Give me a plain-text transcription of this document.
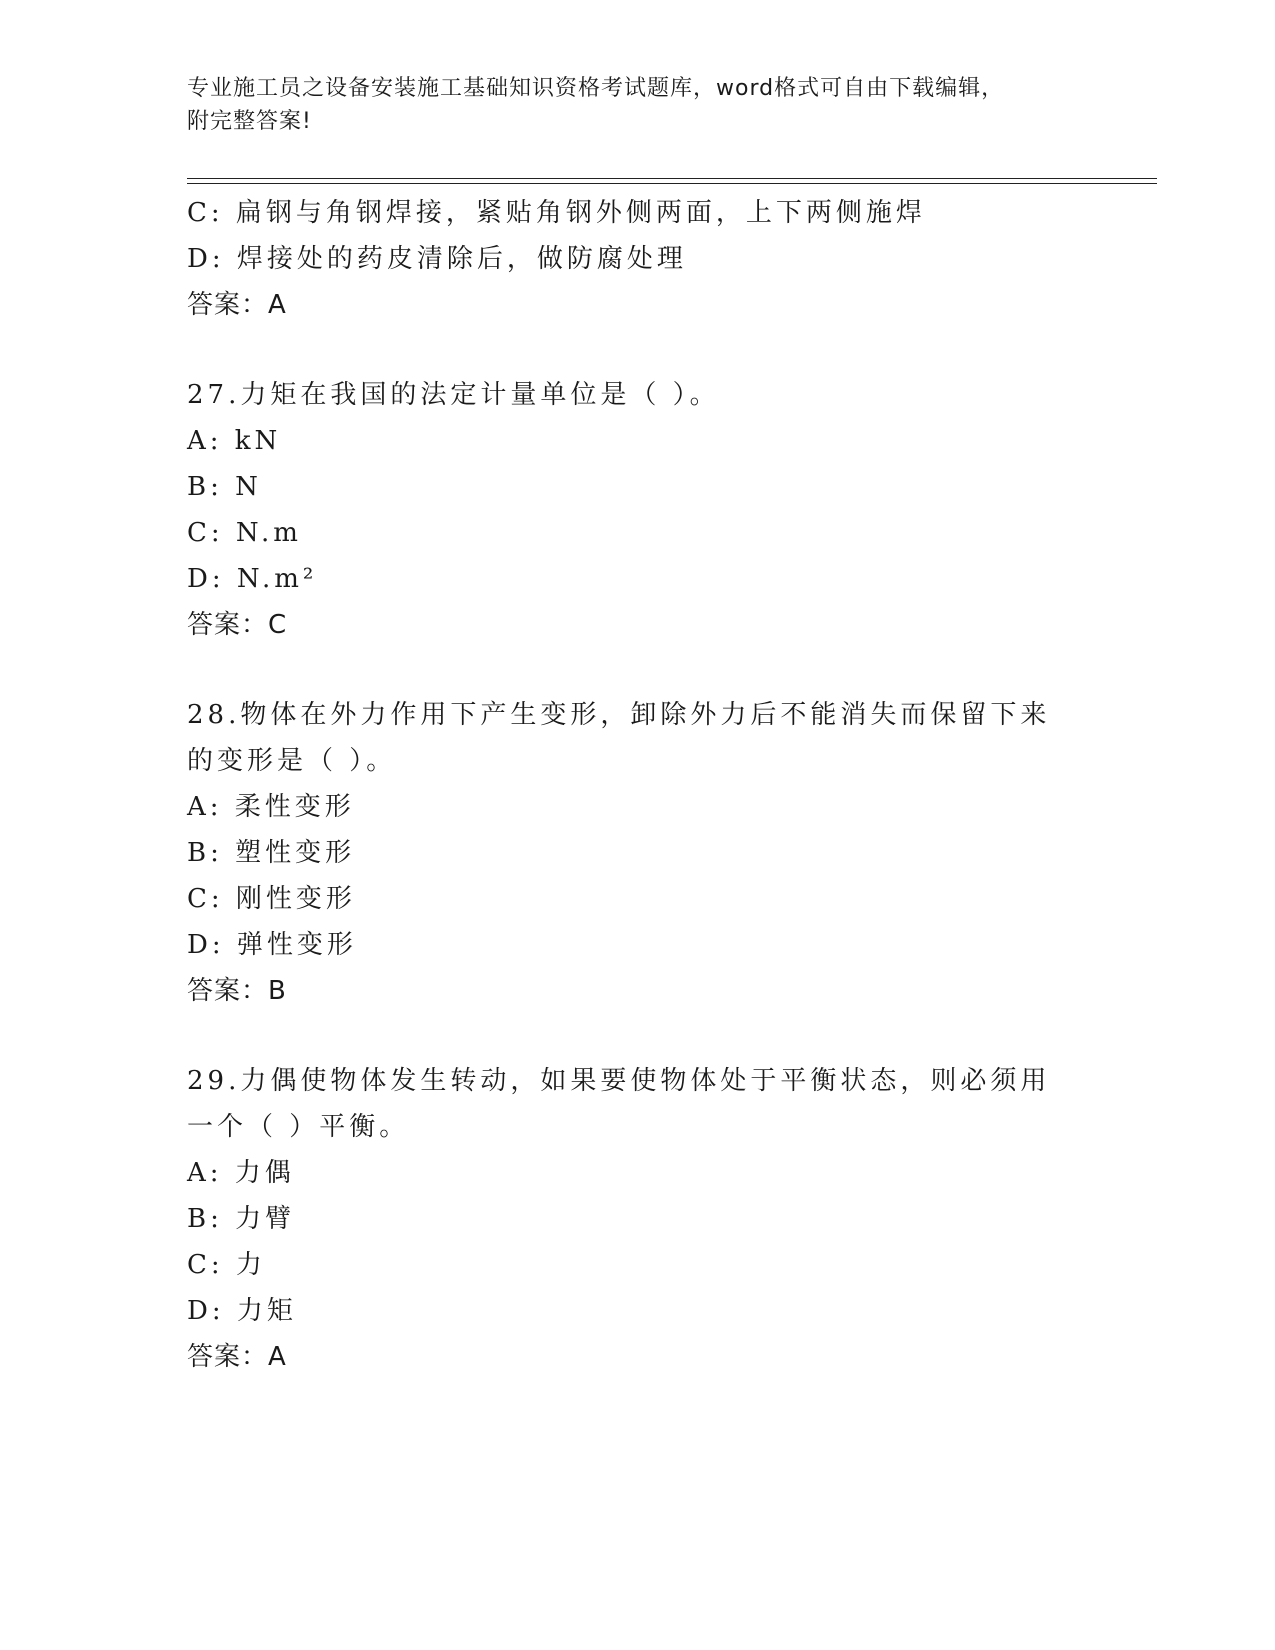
专业施工员之设备安装施工基础知识资格考试题库，word格式可自由下载编辑，
附完整答案!
C: 扁钢与角钢焊接，紧贴角钢外侧两面，上下两侧施焊
D: 焊接处的药皮清除后，做防腐处理
答案：A
27.力矩在我国的法定计量单位是（ ）。
A: kN
B: N
C: N.m
D: N.m²
答案：C
28.物体在外力作用下产生变形，卸除外力后不能消失而保留下来的变形是（ ）。
A: 柔性变形
B: 塑性变形
C: 刚性变形
D: 弹性变形
答案：B
29.力偶使物体发生转动，如果要使物体处于平衡状态，则必须用一个（ ）平衡。
A: 力偶
B: 力臂
C: 力
D: 力矩
答案：A
